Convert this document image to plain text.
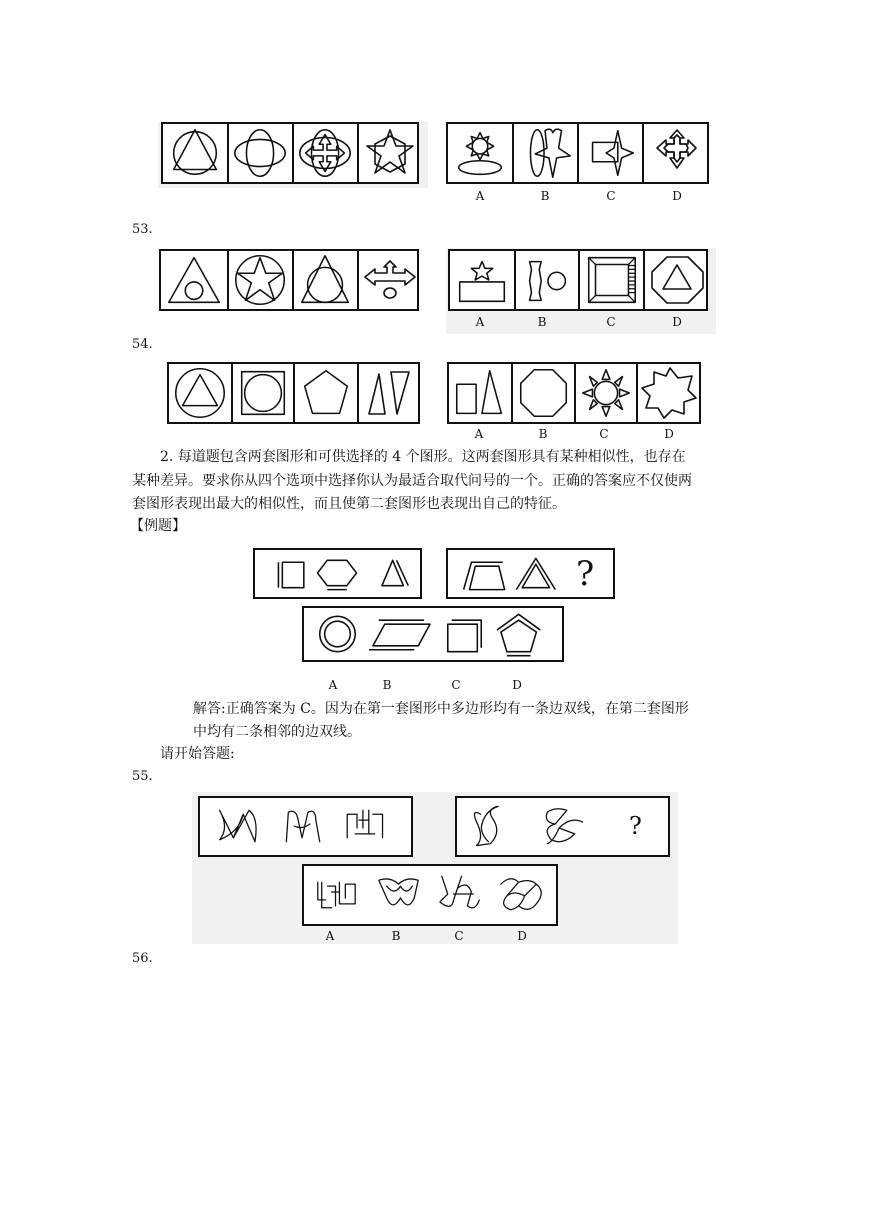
A	B	C	D
53.
A	B	C	D
54.
A	B	C	D
2. 每道题包含两套图形和可供选择的 4 个图形。这两套图形具有某种相似性，也存在
某种差异。要求你从四个选项中选择你认为最适合取代问号的一个。正确的答案应不仅使两
套图形表现出最大的相似性，而且使第二套图形也表现出自己的特征。
【例题】
?
A	B	C	D
解答:正确答案为 C。因为在第一套图形中多边形均有一条边双线，在第二套图形
中均有二条相邻的边双线。
请开始答题:
55.
?
A	B	C	D
56.
